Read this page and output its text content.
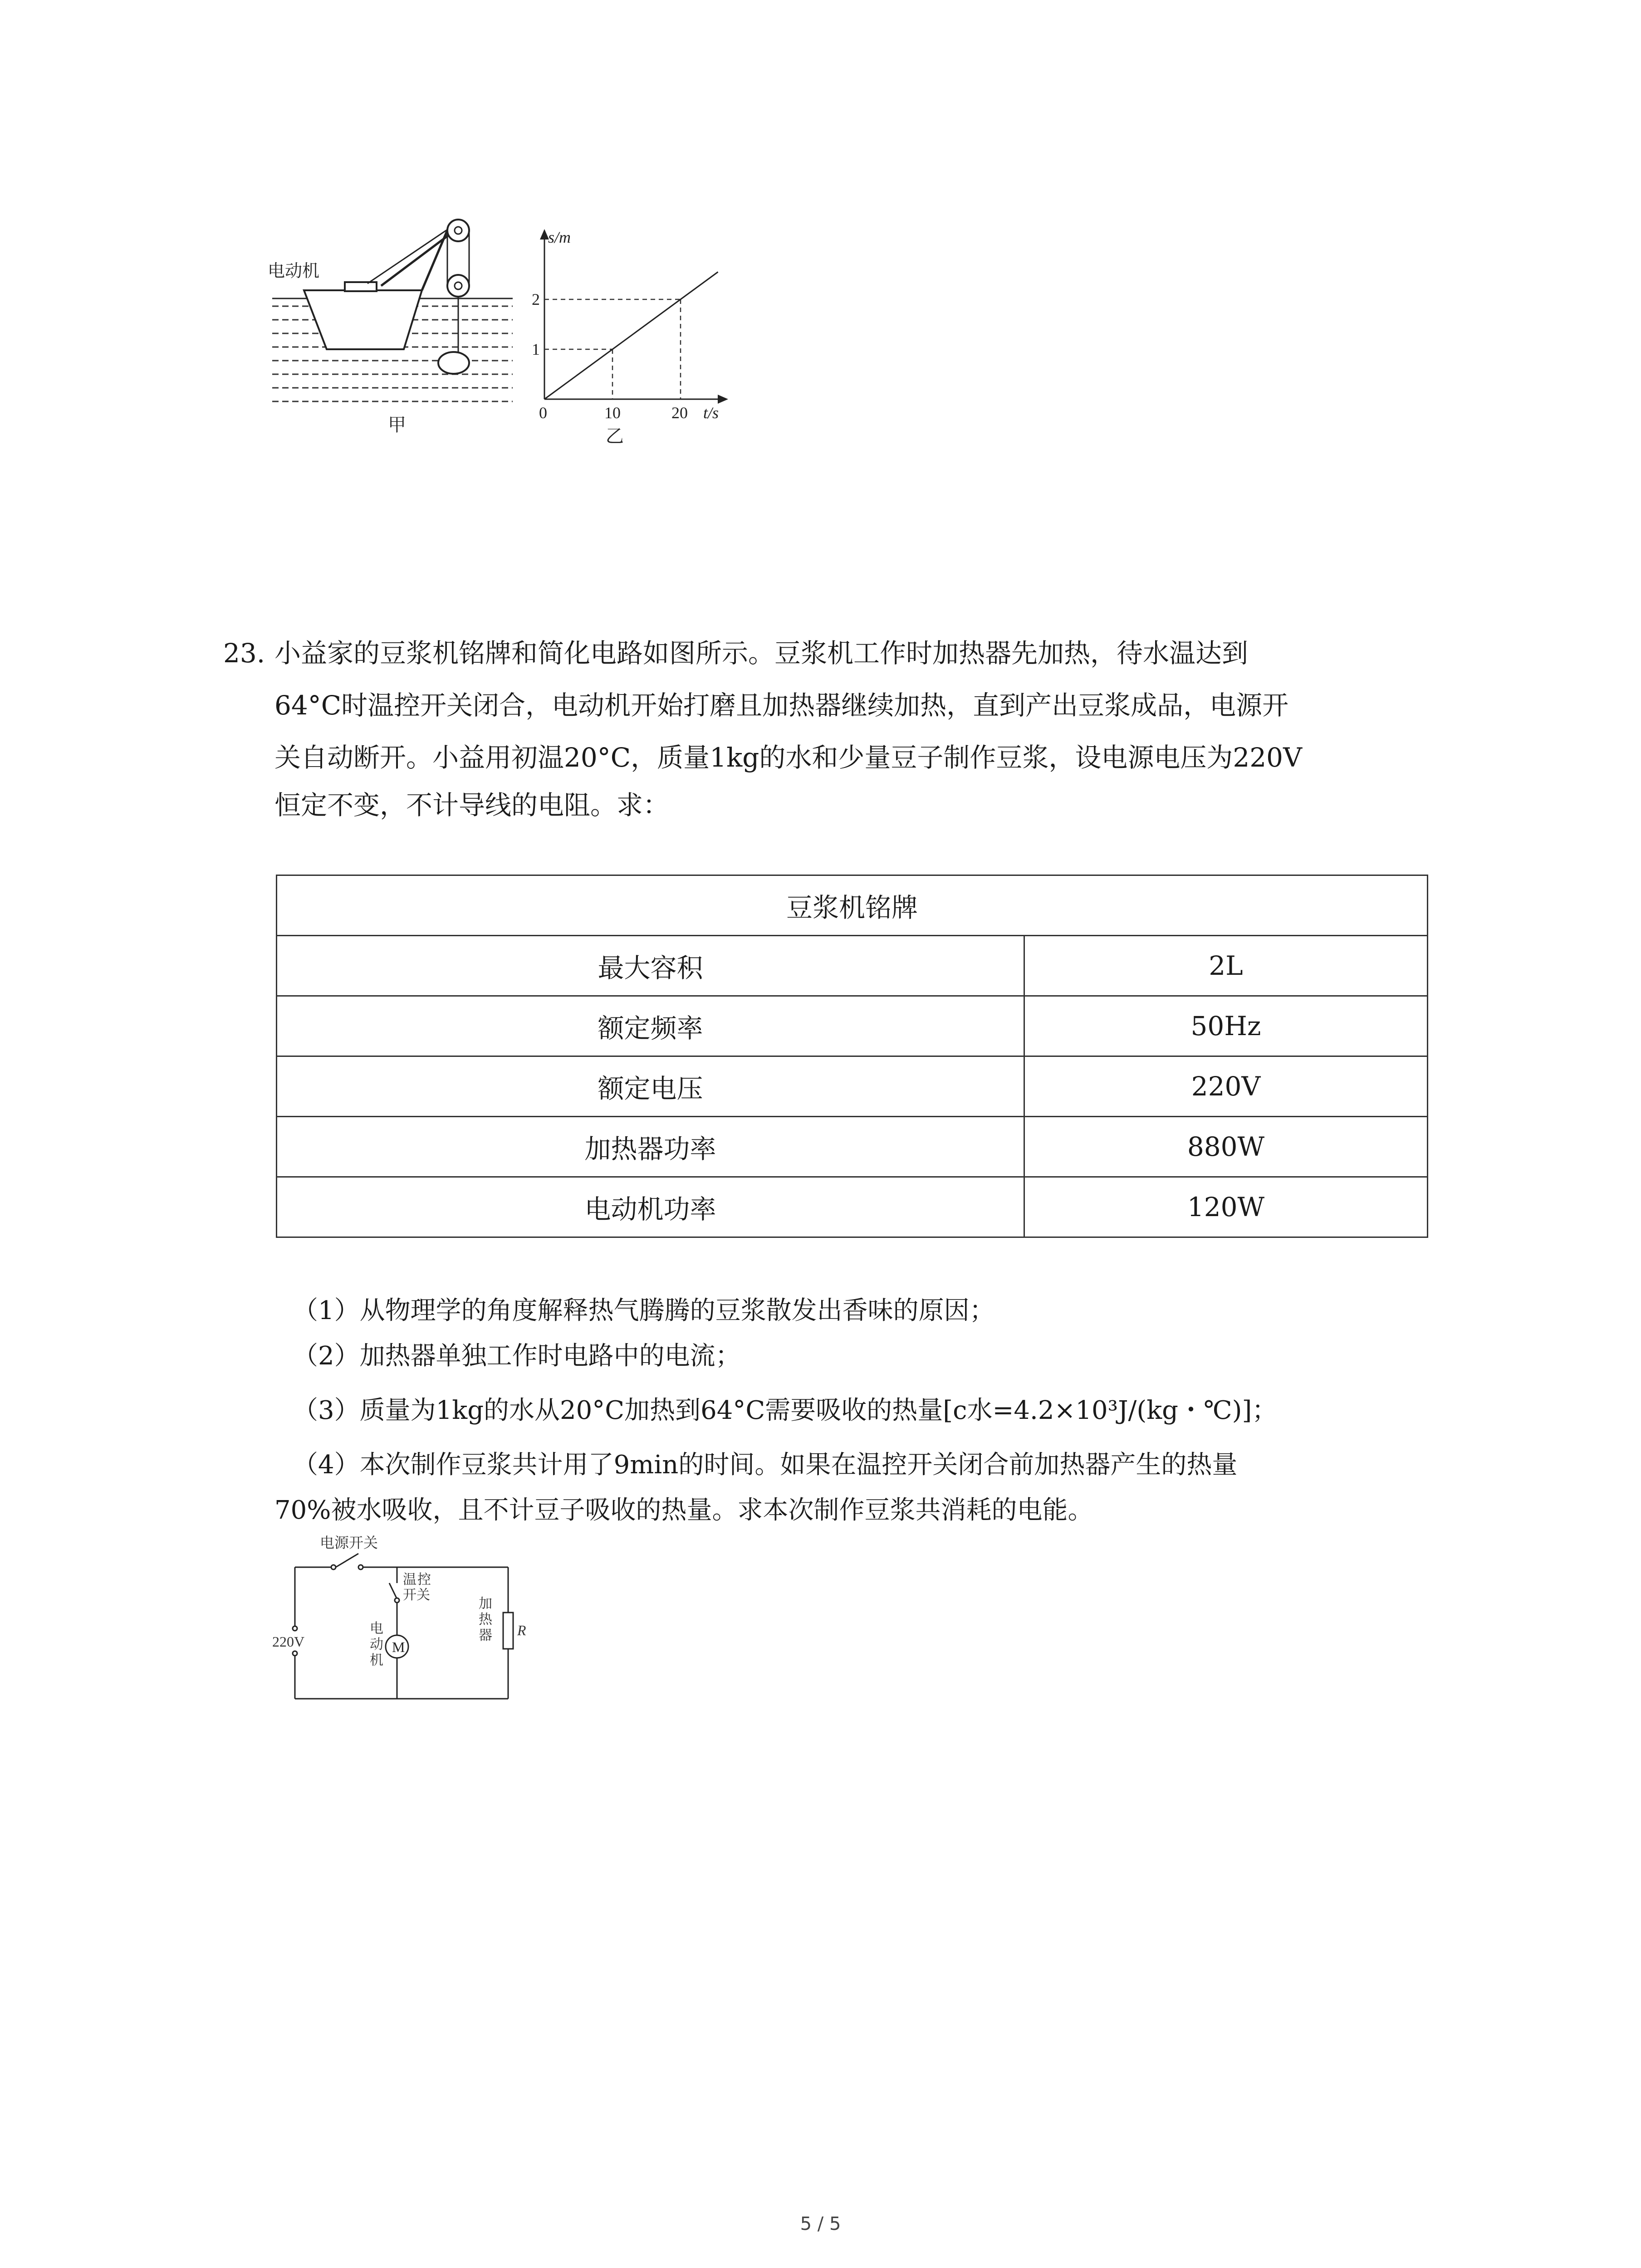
电动机
甲
s/m
t/s
0	10	20
1
2
乙
23. 小益家的豆浆机铭牌和简化电路如图所示。豆浆机工作时加热器先加热，待水温达到
64°C时温控开关闭合，电动机开始打磨且加热器继续加热，直到产出豆浆成品，电源开
关自动断开。小益用初温20°C，质量1kg的水和少量豆子制作豆浆，设电源电压为220V
恒定不变，不计导线的电阻。求：
豆浆机铭牌	
最大容积	2L
额定频率	50Hz
额定电压	220V
加热器功率	880W
电动机功率	120W
（1）从物理学的角度解释热气腾腾的豆浆散发出香味的原因；
（2）加热器单独工作时电路中的电流；
（3）质量为1kg的水从20°C加热到64°C需要吸收的热量[c水=4.2×10³J/(kg・℃)]；
（4）本次制作豆浆共计用了9min的时间。如果在温控开关闭合前加热器产生的热量
70%被水吸收，且不计豆子吸收的热量。求本次制作豆浆共消耗的电能。
M
电源开关
220V
温 控
开关
电
动
机
加
热
器 R
5 / 5
